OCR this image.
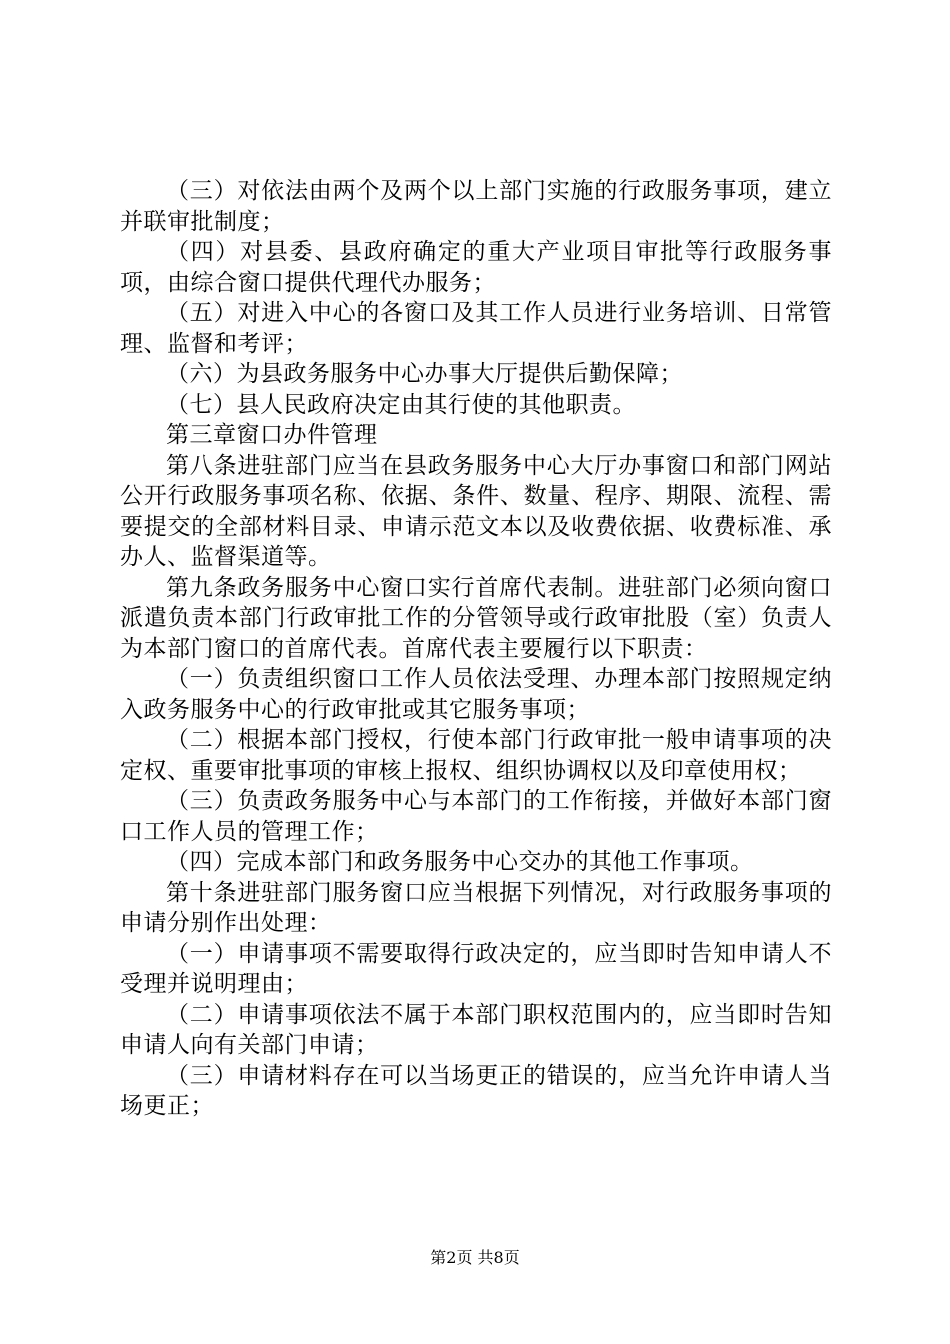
（三）对依法由两个及两个以上部门实施的行政服务事项，建立并联审批制度；

（四）对县委、县政府确定的重大产业项目审批等行政服务事项，由综合窗口提供代理代办服务；

（五）对进入中心的各窗口及其工作人员进行业务培训、日常管理、监督和考评；

（六）为县政务服务中心办事大厅提供后勤保障；

（七）县人民政府决定由其行使的其他职责。

第三章窗口办件管理

第八条进驻部门应当在县政务服务中心大厅办事窗口和部门网站公开行政服务事项名称、依据、条件、数量、程序、期限、流程、需要提交的全部材料目录、申请示范文本以及收费依据、收费标准、承办人、监督渠道等。

第九条政务服务中心窗口实行首席代表制。进驻部门必须向窗口派遣负责本部门行政审批工作的分管领导或行政审批股（室）负责人为本部门窗口的首席代表。首席代表主要履行以下职责：

（一）负责组织窗口工作人员依法受理、办理本部门按照规定纳入政务服务中心的行政审批或其它服务事项；

（二）根据本部门授权，行使本部门行政审批一般申请事项的决定权、重要审批事项的审核上报权、组织协调权以及印章使用权；

（三）负责政务服务中心与本部门的工作衔接，并做好本部门窗口工作人员的管理工作；

（四）完成本部门和政务服务中心交办的其他工作事项。

第十条进驻部门服务窗口应当根据下列情况，对行政服务事项的申请分别作出处理：

（一）申请事项不需要取得行政决定的，应当即时告知申请人不受理并说明理由；

（二）申请事项依法不属于本部门职权范围内的，应当即时告知申请人向有关部门申请；

（三）申请材料存在可以当场更正的错误的，应当允许申请人当场更正；

第2页 共8页
